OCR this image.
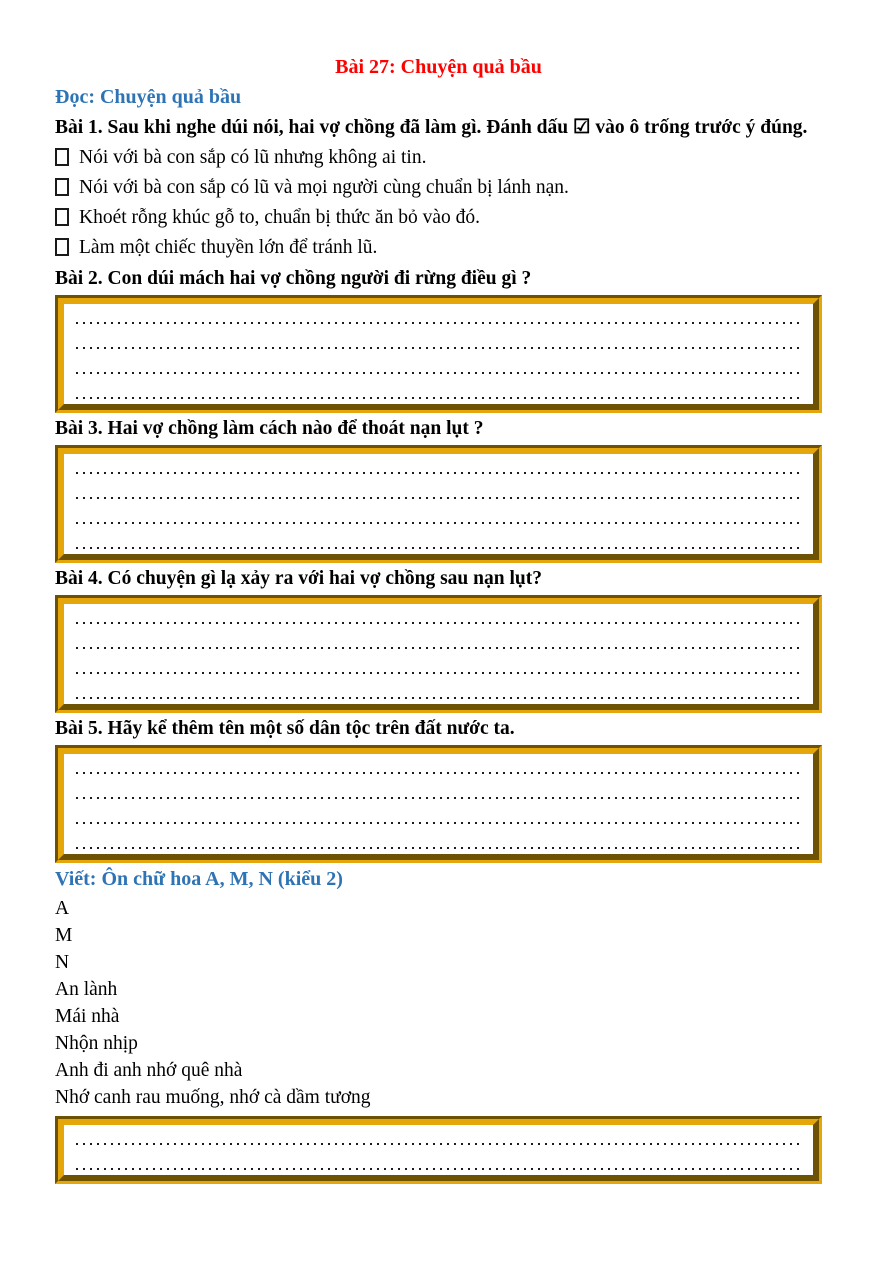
Bài 27: Chuyện quả bầu
Đọc: Chuyện quả bầu

Bài 1. Sau khi nghe dúi nói, hai vợ chồng đã làm gì. Đánh dấu ☑ vào ô trống trước ý đúng.

Nói với bà con sắp có lũ nhưng không ai tin.
Nói với bà con sắp có lũ và mọi người cùng chuẩn bị lánh nạn.
Khoét rỗng khúc gỗ to, chuẩn bị thức ăn bỏ vào đó.
Làm một chiếc thuyền lớn để tránh lũ.
Bài 2. Con dúi mách hai vợ chồng người đi rừng điều gì ?
Bài 3. Hai vợ chồng làm cách nào để thoát nạn lụt ?
Bài 4. Có chuyện gì lạ xảy ra với hai vợ chồng sau nạn lụt?
Bài 5. Hãy kể thêm tên một số dân tộc trên đất nước ta.
Viết: Ôn chữ hoa A, M, N (kiểu 2)
A
M
N
An lành
Mái nhà
Nhộn nhịp
Anh đi anh nhớ quê nhà
Nhớ canh rau muống, nhớ cà dầm tương
